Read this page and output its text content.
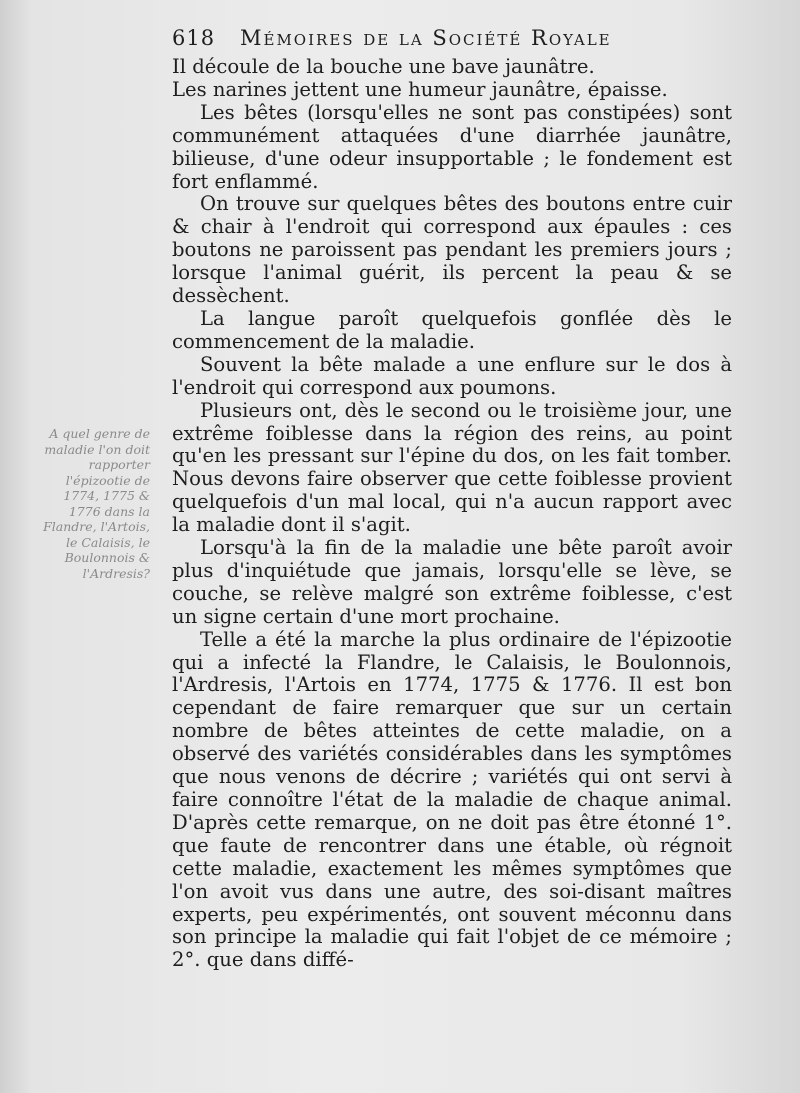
618 Mémoires de la Société Royale
A quel genre de maladie l'on doit rapporter l'épizootie de 1774, 1775 & 1776 dans la Flandre, l'Artois, le Calaisis, le Boulonnois & l'Ardresis?

Il découle de la bouche une bave jaunâtre.

Les narines jettent une humeur jaunâtre, épaisse.

Les bêtes (lorsqu'elles ne sont pas constipées) sont communément attaquées d'une diarrhée jaunâtre, bilieuse, d'une odeur insupportable ; le fondement est fort enflammé.

On trouve sur quelques bêtes des boutons entre cuir & chair à l'endroit qui correspond aux épaules : ces boutons ne paroissent pas pendant les premiers jours ; lorsque l'animal guérit, ils percent la peau & se dessèchent.

La langue paroît quelquefois gonflée dès le commencement de la maladie.

Souvent la bête malade a une enflure sur le dos à l'endroit qui correspond aux poumons.

Plusieurs ont, dès le second ou le troisième jour, une extrême foiblesse dans la région des reins, au point qu'en les pressant sur l'épine du dos, on les fait tomber. Nous devons faire observer que cette foiblesse provient quelquefois d'un mal local, qui n'a aucun rapport avec la maladie dont il s'agit.

Lorsqu'à la fin de la maladie une bête paroît avoir plus d'inquiétude que jamais, lorsqu'elle se lève, se couche, se relève malgré son extrême foiblesse, c'est un signe certain d'une mort prochaine.

Telle a été la marche la plus ordinaire de l'épizootie qui a infecté la Flandre, le Calaisis, le Boulonnois, l'Ardresis, l'Artois en 1774, 1775 & 1776. Il est bon cependant de faire remarquer que sur un certain nombre de bêtes atteintes de cette maladie, on a observé des variétés considérables dans les symptômes que nous venons de décrire ; variétés qui ont servi à faire connoître l'état de la maladie de chaque animal. D'après cette remarque, on ne doit pas être étonné 1°. que faute de rencontrer dans une étable, où régnoit cette maladie, exactement les mêmes symptômes que l'on avoit vus dans une autre, des soi-disant maîtres experts, peu expérimentés, ont souvent méconnu dans son principe la maladie qui fait l'objet de ce mémoire ; 2°. que dans diffé-
